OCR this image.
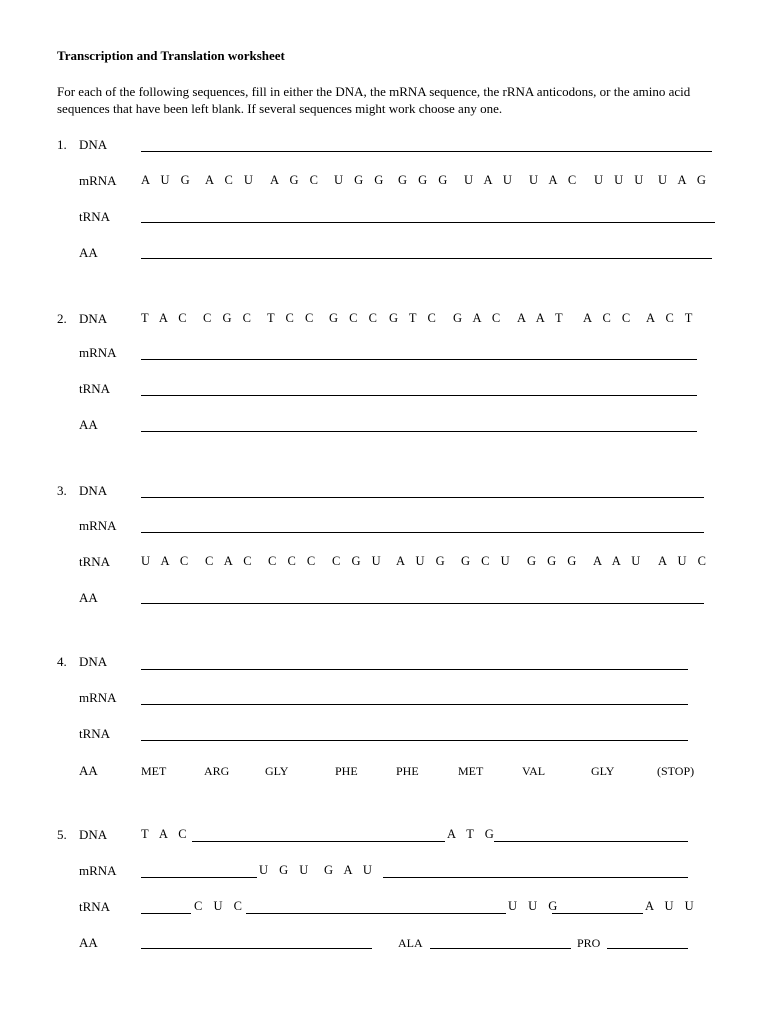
Transcription and Translation worksheet
For each of the following sequences, fill in either the DNA, the mRNA sequence, the rRNA anticodons, or the amino acid sequences that have been left blank. If several sequences might work choose any one.
1. DNA
mRNA A U G A C U A G C U G G G G G U A U U A C U U U U A G
tRNA
AA
2. DNA	T A C C G C T C C G C C G T C G A C A A T A C C A C T
mRNA
tRNA
AA
3. DNA
mRNA
tRNA U A C C A C C C C C G U A U G G C U G G G A A U A U C
AA
4. DNA
mRNA
tRNA
AA	MET	ARG	GLY	PHE	PHE	MET	VAL	GLY	(STOP)
5. DNA	T A C	A T G
mRNA	U G U G A U
tRNA	C U C	U U G	A U U
AA	ALA	PRO
